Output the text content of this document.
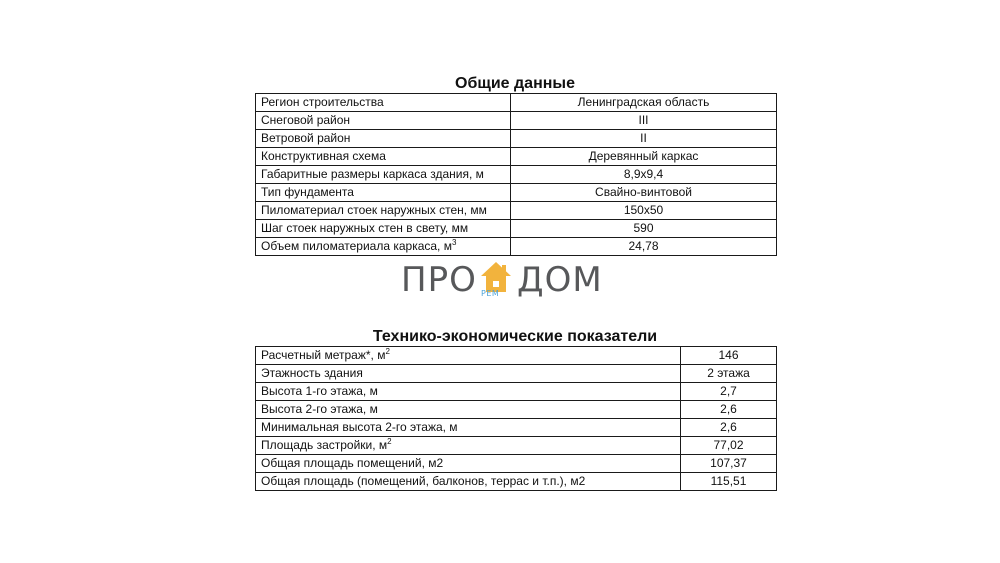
Общие данные
Регион строительства	Ленинградская область
Снеговой район	III
Ветровой район	II
Конструктивная схема	Деревянный каркас
Габаритные размеры каркаса здания, м	8,9х9,4
Тип фундамента	Свайно-винтовой
Пиломатериал стоек наружных стен, мм	150х50
Шаг стоек наружных стен в свету, мм	590
Объем пиломатериала каркаса, $м^3$	24,78
ПРО РЕМ ДОМ
Технико-экономические показатели
Расчетный метраж*, $м^2$	146
Этажность здания	2 этажа
Высота 1-го этажа, м	2,7
Высота 2-го этажа, м	2,6
Минимальная высота 2-го этажа, м	2,6
Площадь застройки, $м^2$	77,02
Общая площадь помещений, м2	107,37
Общая площадь (помещений, балконов, террас и т.п.), м2	115,51
